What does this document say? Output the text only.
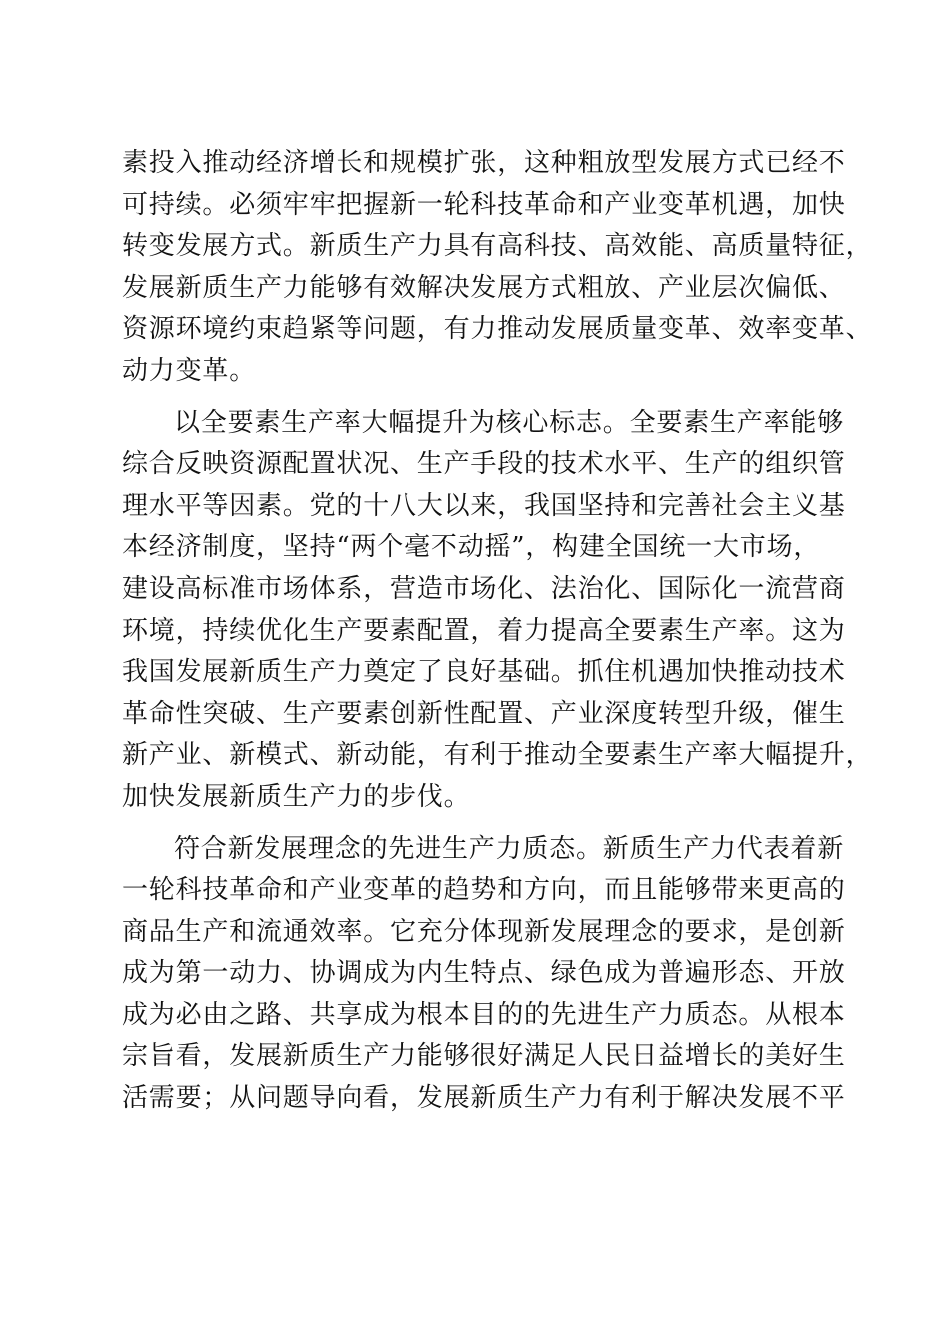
素投入推动经济增长和规模扩张，这种粗放型发展方式已经不
可持续。必须牢牢把握新一轮科技革命和产业变革机遇，加快
转变发展方式。新质生产力具有高科技、高效能、高质量特征，
发展新质生产力能够有效解决发展方式粗放、产业层次偏低、
资源环境约束趋紧等问题，有力推动发展质量变革、效率变革、
动力变革。
以全要素生产率大幅提升为核心标志。全要素生产率能够
综合反映资源配置状况、生产手段的技术水平、生产的组织管
理水平等因素。党的十八大以来，我国坚持和完善社会主义基
本经济制度，坚持“两个毫不动摇”，构建全国统一大市场，
建设高标准市场体系，营造市场化、法治化、国际化一流营商
环境，持续优化生产要素配置，着力提高全要素生产率。这为
我国发展新质生产力奠定了良好基础。抓住机遇加快推动技术
革命性突破、生产要素创新性配置、产业深度转型升级，催生
新产业、新模式、新动能，有利于推动全要素生产率大幅提升，
加快发展新质生产力的步伐。
符合新发展理念的先进生产力质态。新质生产力代表着新
一轮科技革命和产业变革的趋势和方向，而且能够带来更高的
商品生产和流通效率。它充分体现新发展理念的要求，是创新
成为第一动力、协调成为内生特点、绿色成为普遍形态、开放
成为必由之路、共享成为根本目的的先进生产力质态。从根本
宗旨看，发展新质生产力能够很好满足人民日益增长的美好生
活需要；从问题导向看，发展新质生产力有利于解决发展不平
